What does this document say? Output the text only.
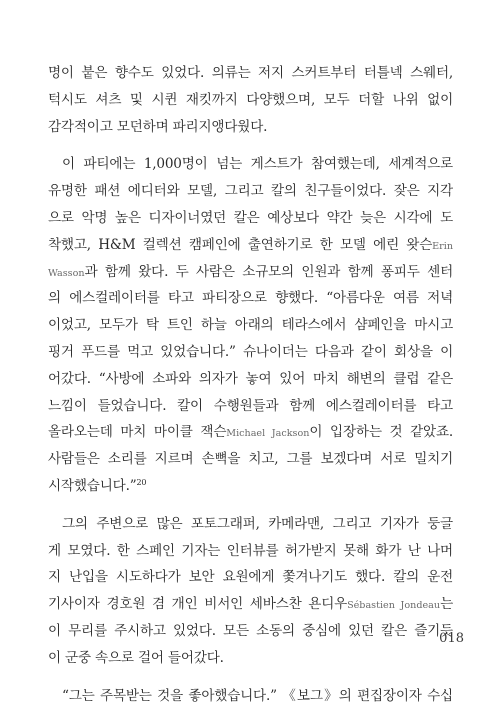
명이 붙은 향수도 있었다. 의류는 저지 스커트부터 터틀넥 스웨터,
턱시도 셔츠 및 시퀸 재킷까지 다양했으며, 모두 더할 나위 없이
감각적이고 모던하며 파리지앵다웠다.
이 파티에는 1,000명이 넘는 게스트가 참여했는데, 세계적으로
유명한 패션 에디터와 모델, 그리고 칼의 친구들이었다. 잦은 지각
으로 악명 높은 디자이너였던 칼은 예상보다 약간 늦은 시각에 도
착했고, H&M 컬렉션 캠페인에 출연하기로 한 모델 에린 왓슨Erin
Wasson과 함께 왔다. 두 사람은 소규모의 인원과 함께 퐁피두 센터
의 에스컬레이터를 타고 파티장으로 향했다. “아름다운 여름 저녁
이었고, 모두가 탁 트인 하늘 아래의 테라스에서 샴페인을 마시고
핑거 푸드를 먹고 있었습니다.” 슈나이더는 다음과 같이 회상을 이
어갔다. “사방에 소파와 의자가 놓여 있어 마치 해변의 클럽 같은
느낌이 들었습니다. 칼이 수행원들과 함께 에스컬레이터를 타고
올라오는데 마치 마이클 잭슨Michael Jackson이 입장하는 것 같았죠.
사람들은 소리를 지르며 손뼉을 치고, 그를 보겠다며 서로 밀치기
시작했습니다.”$^{20}$
그의 주변으로 많은 포토그래퍼, 카메라맨, 그리고 기자가 둥글
게 모였다. 한 스페인 기자는 인터뷰를 허가받지 못해 화가 난 나머
지 난입을 시도하다가 보안 요원에게 쫓겨나기도 했다. 칼의 운전
기사이자 경호원 겸 개인 비서인 세바스찬 욘디우Sébastien Jondeau는
이 무리를 주시하고 있었다. 모든 소동의 중심에 있던 칼은 즐기듯
이 군중 속으로 걸어 들어갔다.
“그는 주목받는 것을 좋아했습니다.” 《보그》의 편집장이자 수십
018
